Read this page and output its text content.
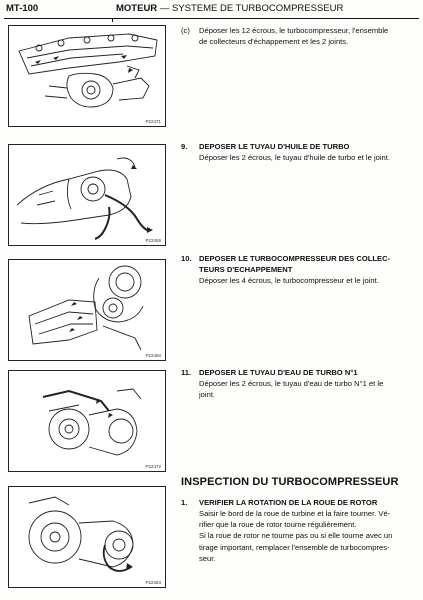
MT-100	MOTEUR — SYSTEME DE TURBOCOMPRESSEUR
P22471
P22459
P22460
P22472
P22463
(c) Déposer les 12 écrous, le turbocompresseur, l'ensemble
de collecteurs d'échappement et les 2 joints.
9. DEPOSER LE TUYAU D'HUILE DE TURBO
Déposer les 2 écrous, le tuyau d'huile de turbo et le joint.
10. DEPOSER LE TURBOCOMPRESSEUR DES COLLEC-
TEURS D'ECHAPPEMENT
Déposer les 4 écrous, le turbocompresseur et le joint.
11. DEPOSER LE TUYAU D'EAU DE TURBO N°1
Déposer les 2 écrous, le tuyau d'eau de turbo N°1 et le
joint.
INSPECTION DU TURBOCOMPRESSEUR
1. VERIFIER LA ROTATION DE LA ROUE DE ROTOR
Saisir le bord de la roue de turbine et la faire tourner. Vé-
rifier que la roue de rotor tourne régulièrement.
Si la roue de rotor ne tourne pas ou si elle tourne avec un
tirage important, remplacer l'ensemble de turbocompres-
seur.
